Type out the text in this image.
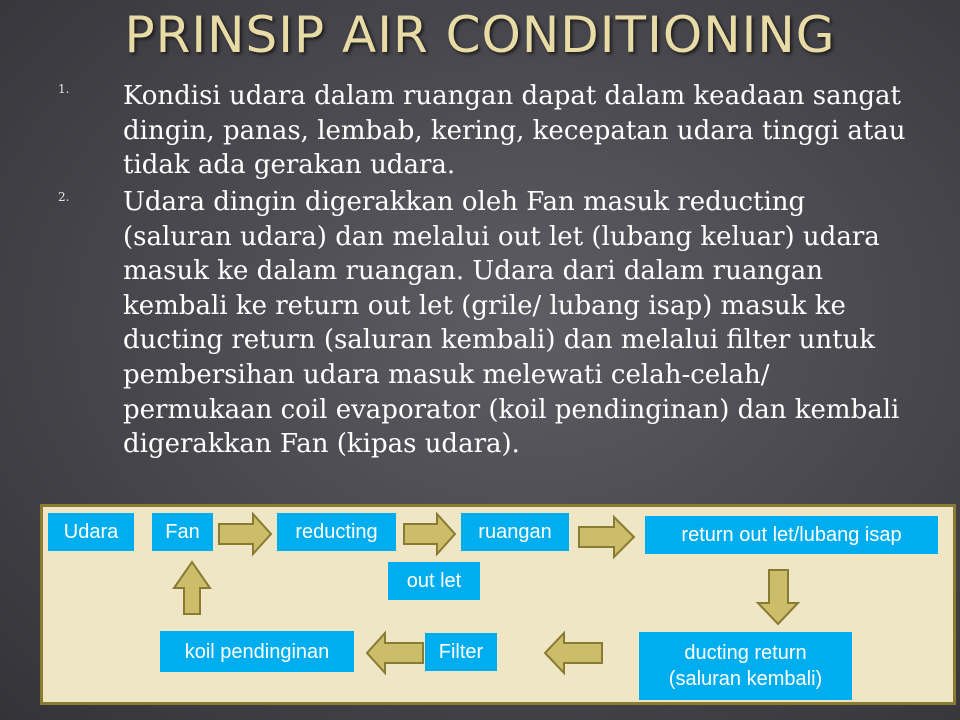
PRINSIP AIR CONDITIONING
1. Kondisi udara dalam ruangan dapat dalam keadaan sangat dingin, panas, lembab, kering, kecepatan udara tinggi atau tidak ada gerakan udara.
2. Udara dingin digerakkan oleh Fan masuk reducting (saluran udara) dan melalui out let (lubang keluar) udara masuk ke dalam ruangan. Udara dari dalam ruangan kembali ke return out let (grile/ lubang isap) masuk ke ducting return (saluran kembali) dan melalui filter untuk pembersihan udara masuk melewati celah-celah/ permukaan coil evaporator (koil pendinginan) dan kembali digerakkan Fan (kipas udara).
Udara	Fan	reducting	ruangan	return out let/lubang isap
out let
koil pendinginan	Filter	ducting return
(saluran kembali)
